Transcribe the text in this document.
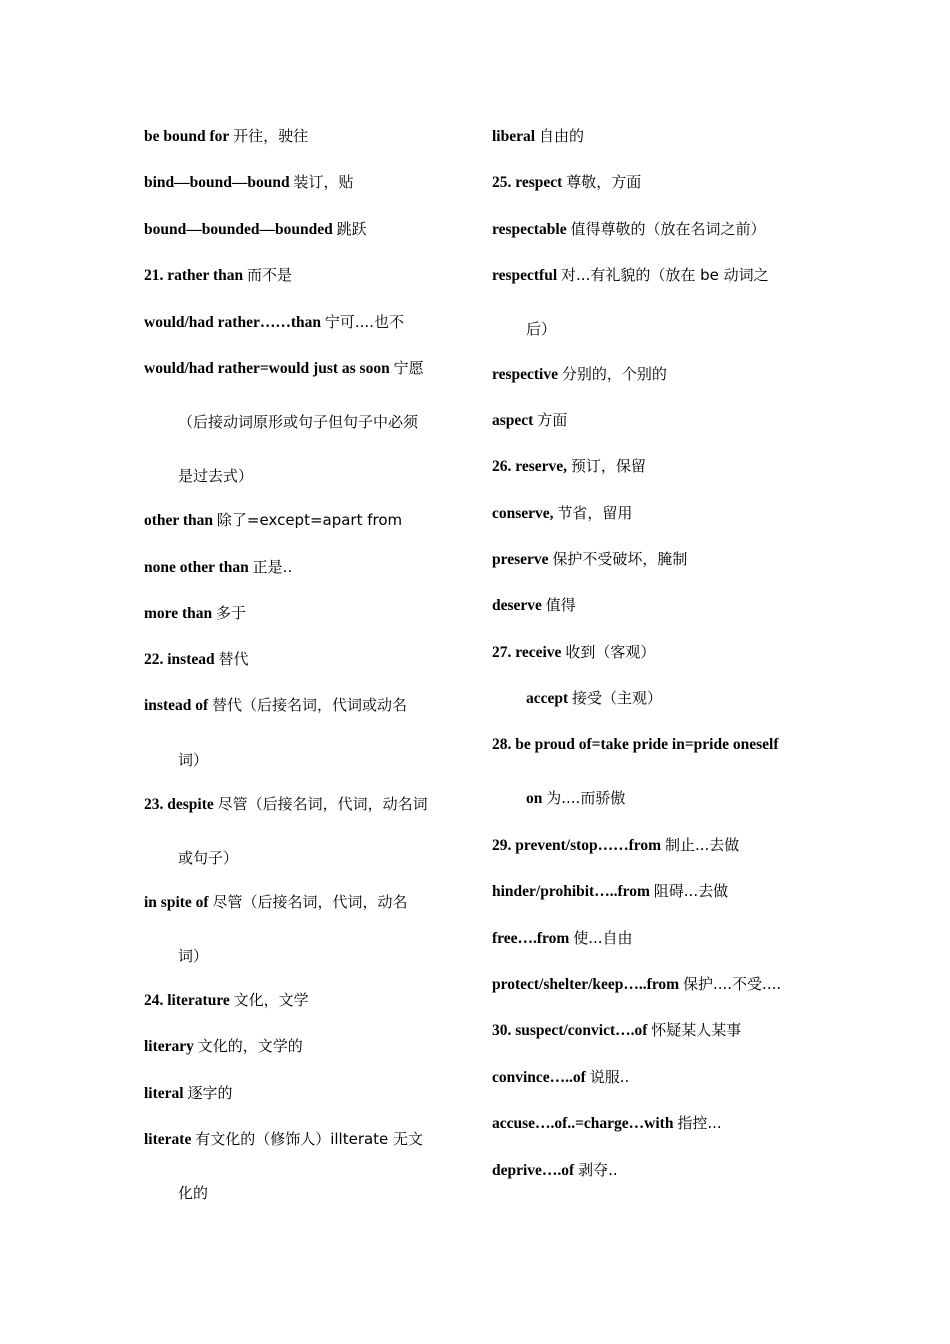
be bound for 开往，驶往
bind—bound—bound 装订，贴
bound—bounded—bounded 跳跃
21. rather than 而不是
would/had rather……than 宁可....也不
would/had rather=would just as soon 宁愿
（后接动词原形或句子但句子中必须
是过去式）
other than 除了=except=apart from
none other than 正是..
more than 多于
22. instead 替代
instead of 替代（后接名词，代词或动名
词）
23. despite 尽管（后接名词，代词，动名词
或句子）
in spite of 尽管（后接名词，代词，动名
词）
24. literature 文化，文学
literary 文化的，文学的
literal 逐字的
literate 有文化的（修饰人）illterate 无文
化的
liberal 自由的
25. respect 尊敬，方面
respectable 值得尊敬的（放在名词之前）
respectful 对...有礼貌的（放在 be 动词之
后）
respective 分别的，个别的
aspect 方面
26. reserve, 预订，保留
conserve, 节省，留用
preserve 保护不受破坏，腌制
deserve 值得
27. receive 收到（客观）
accept 接受（主观）
28. be proud of=take pride in=pride oneself
on 为....而骄傲
29. prevent/stop……from 制止...去做
hinder/prohibit…..from 阻碍...去做
free….from 使...自由
protect/shelter/keep…..from 保护....不受....
30. suspect/convict….of 怀疑某人某事
convince…..of 说服..
accuse….of..=charge…with 指控...
deprive….of 剥夺..
